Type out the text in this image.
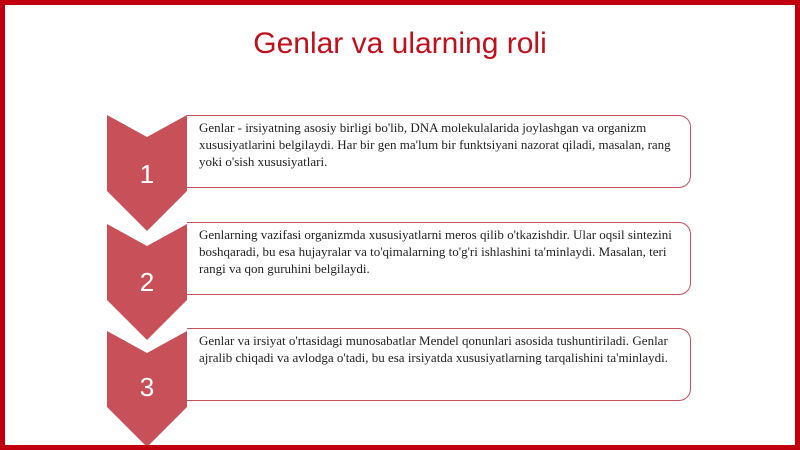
Genlar va ularning roli
Genlar - irsiyatning asosiy birligi bo'lib, DNA molekulalarida joylashgan va organizm xususiyatlarini belgilaydi. Har bir gen ma'lum bir funktsiyani nazorat qiladi, masalan, rang yoki o'sish xususiyatlari.
1
Genlarning vazifasi organizmda xususiyatlarni meros qilib o'tkazishdir. Ular oqsil sintezini boshqaradi, bu esa hujayralar va to'qimalarning to'g'ri ishlashini ta'minlaydi. Masalan, teri rangi va qon guruhini belgilaydi.
2
Genlar va irsiyat o'rtasidagi munosabatlar Mendel qonunlari asosida tushuntiriladi. Genlar ajralib chiqadi va avlodga o'tadi, bu esa irsiyatda xususiyatlarning tarqalishini ta'minlaydi.
3
